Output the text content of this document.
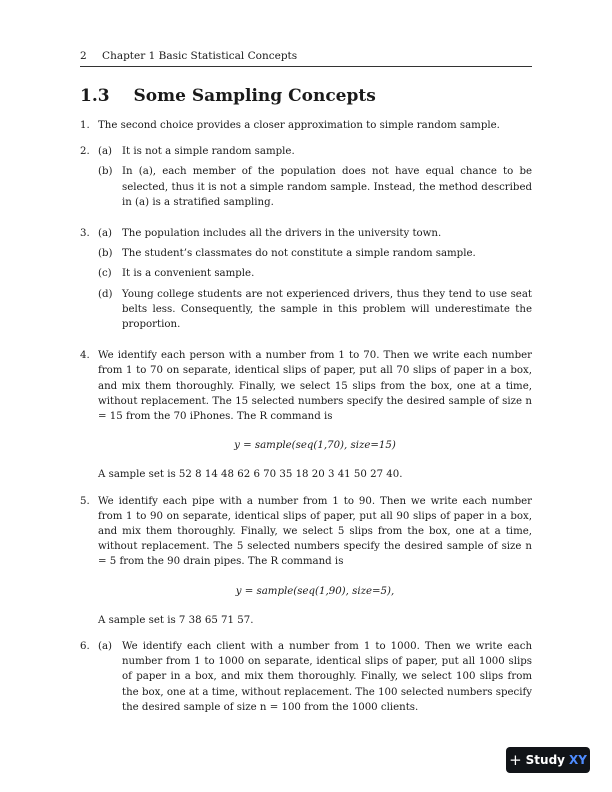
2 Chapter 1 Basic Statistical Concepts
1.3 Some Sampling Concepts
1. The second choice provides a closer approximation to simple random sample.
2. (a) It is not a simple random sample.
(b) In (a), each member of the population does not have equal chance to be selected, thus it is not a simple random sample. Instead, the method described in (a) is a stratified sampling.
3. (a) The population includes all the drivers in the university town.
(b) The student’s classmates do not constitute a simple random sample.
(c)	It is a convenient sample.
(d) Young college students are not experienced drivers, thus they tend to use seat belts less. Consequently, the sample in this problem will underestimate the proportion.
4. We identify each person with a number from 1 to 70. Then we write each number from 1 to 70 on separate, identical slips of paper, put all 70 slips of paper in a box, and mix them thoroughly. Finally, we select 15 slips from the box, one at a time, without replacement. The 15 selected numbers specify the desired sample of size n = 15 from the 70 iPhones. The R command is
y = sample(seq(1,70), size=15)
A sample set is 52 8 14 48 62 6 70 35 18 20 3 41 50 27 40.
5. We identify each pipe with a number from 1 to 90. Then we write each number from 1 to 90 on separate, identical slips of paper, put all 90 slips of paper in a box, and mix them thoroughly. Finally, we select 5 slips from the box, one at a time, without replacement. The 5 selected numbers specify the desired sample of size n = 5 from the 90 drain pipes. The R command is
y = sample(seq(1,90), size=5),
A sample set is 7 38 65 71 57.
6. (a) We identify each client with a number from 1 to 1000. Then we write each number from 1 to 1000 on separate, identical slips of paper, put all 1000 slips of paper in a box, and mix them thoroughly. Finally, we select 100 slips from the box, one at a time, without replacement. The 100 selected numbers specify the desired sample of size n = 100 from the 1000 clients.
+ Study XY
